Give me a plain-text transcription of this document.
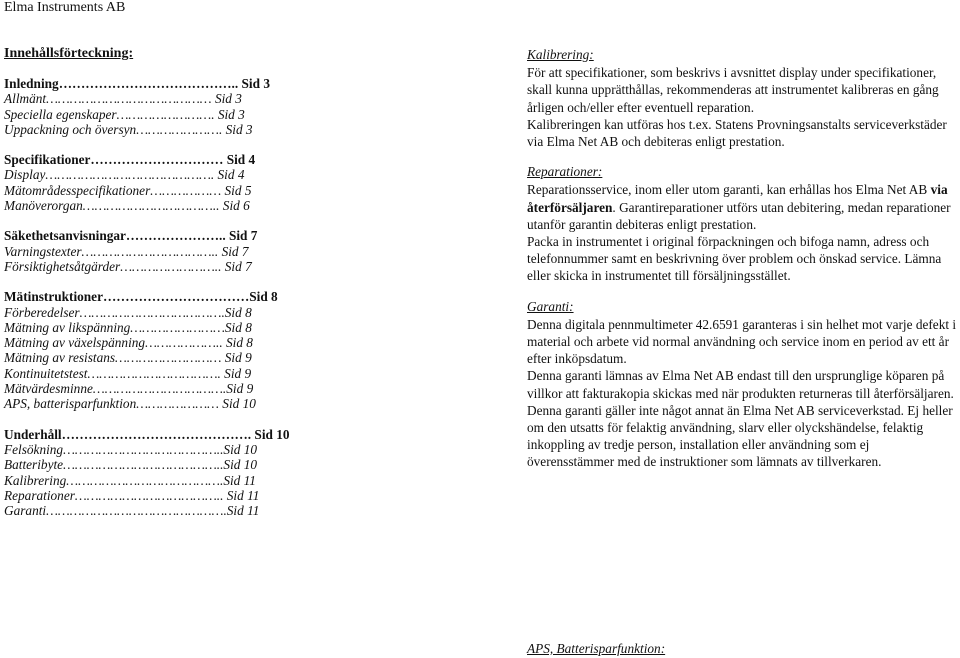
Elma Instruments AB
Innehållsförteckning:
Inledning………………………………….. Sid 3
Allmänt…………………………………… Sid 3
Speciella egenskaper……………………. Sid 3
Uppackning och översyn…………………. Sid 3
Specifikationer………………………… Sid 4
Display……………………………………. Sid 4
Mätområdesspecifikationer……………… Sid 5
Manöverorgan…………………………….. Sid 6
Säkethetsanvisningar………………….. Sid 7
Varningstexter…………………………….. Sid 7
Försiktighetsåtgärder…………………….. Sid 7
Mätinstruktioner……………………………Sid 8
Förberedelser……………………………….Sid 8
Mätning av likspänning……………………Sid 8
Mätning av växelspänning……………….. Sid 8
Mätning av resistans……………………… Sid 9
Kontinuitetstest……………………………. Sid 9
Mätvärdesminne…………………………….Sid 9
APS, batterisparfunktion………………… Sid 10
Underhåll……………………………………. Sid 10
Felsökning…………………………………..Sid 10
Batteribyte…………………………………..Sid 10
Kalibrering………………………………….Sid 11
Reparationer……………………………….. Sid 11
Garanti……………………………………….Sid 11
Kalibrering:

För att specifikationer, som beskrivs i avsnittet display under specifikationer, skall kunna upprätthållas, rekommenderas att instrumentet kalibreras en gång årligen och/eller efter eventuell reparation.

Kalibreringen kan utföras hos t.ex. Statens Provningsanstalts serviceverkstäder via Elma Net AB och debiteras enligt prestation.

Reparationer:

Reparationsservice, inom eller utom garanti, kan erhållas hos Elma Net AB via återförsäljaren. Garantireparationer utförs utan debitering, medan reparationer utanför garantin debiteras enligt prestation.

Packa in instrumentet i original förpackningen och bifoga namn, adress och telefonnummer samt en beskrivning över problem och önskad service. Lämna eller skicka in instrumentet till försäljningsstället.

Garanti:

Denna digitala pennmultimeter 42.6591 garanteras i sin helhet mot varje defekt i material och arbete vid normal användning och service inom en period av ett år efter inköpsdatum.

Denna garanti lämnas av Elma Net AB endast till den ursprunglige köparen på villkor att fakturakopia skickas med när produkten returneras till återförsäljaren. Denna garanti gäller inte något annat än Elma Net AB serviceverkstad. Ej heller om den utsatts för felaktig användning, slarv eller olyckshändelse, felaktig inkoppling av tredje person, installation eller användning som ej överensstämmer med de instruktioner som lämnats av tillverkaren.

APS, Batterisparfunktion:
